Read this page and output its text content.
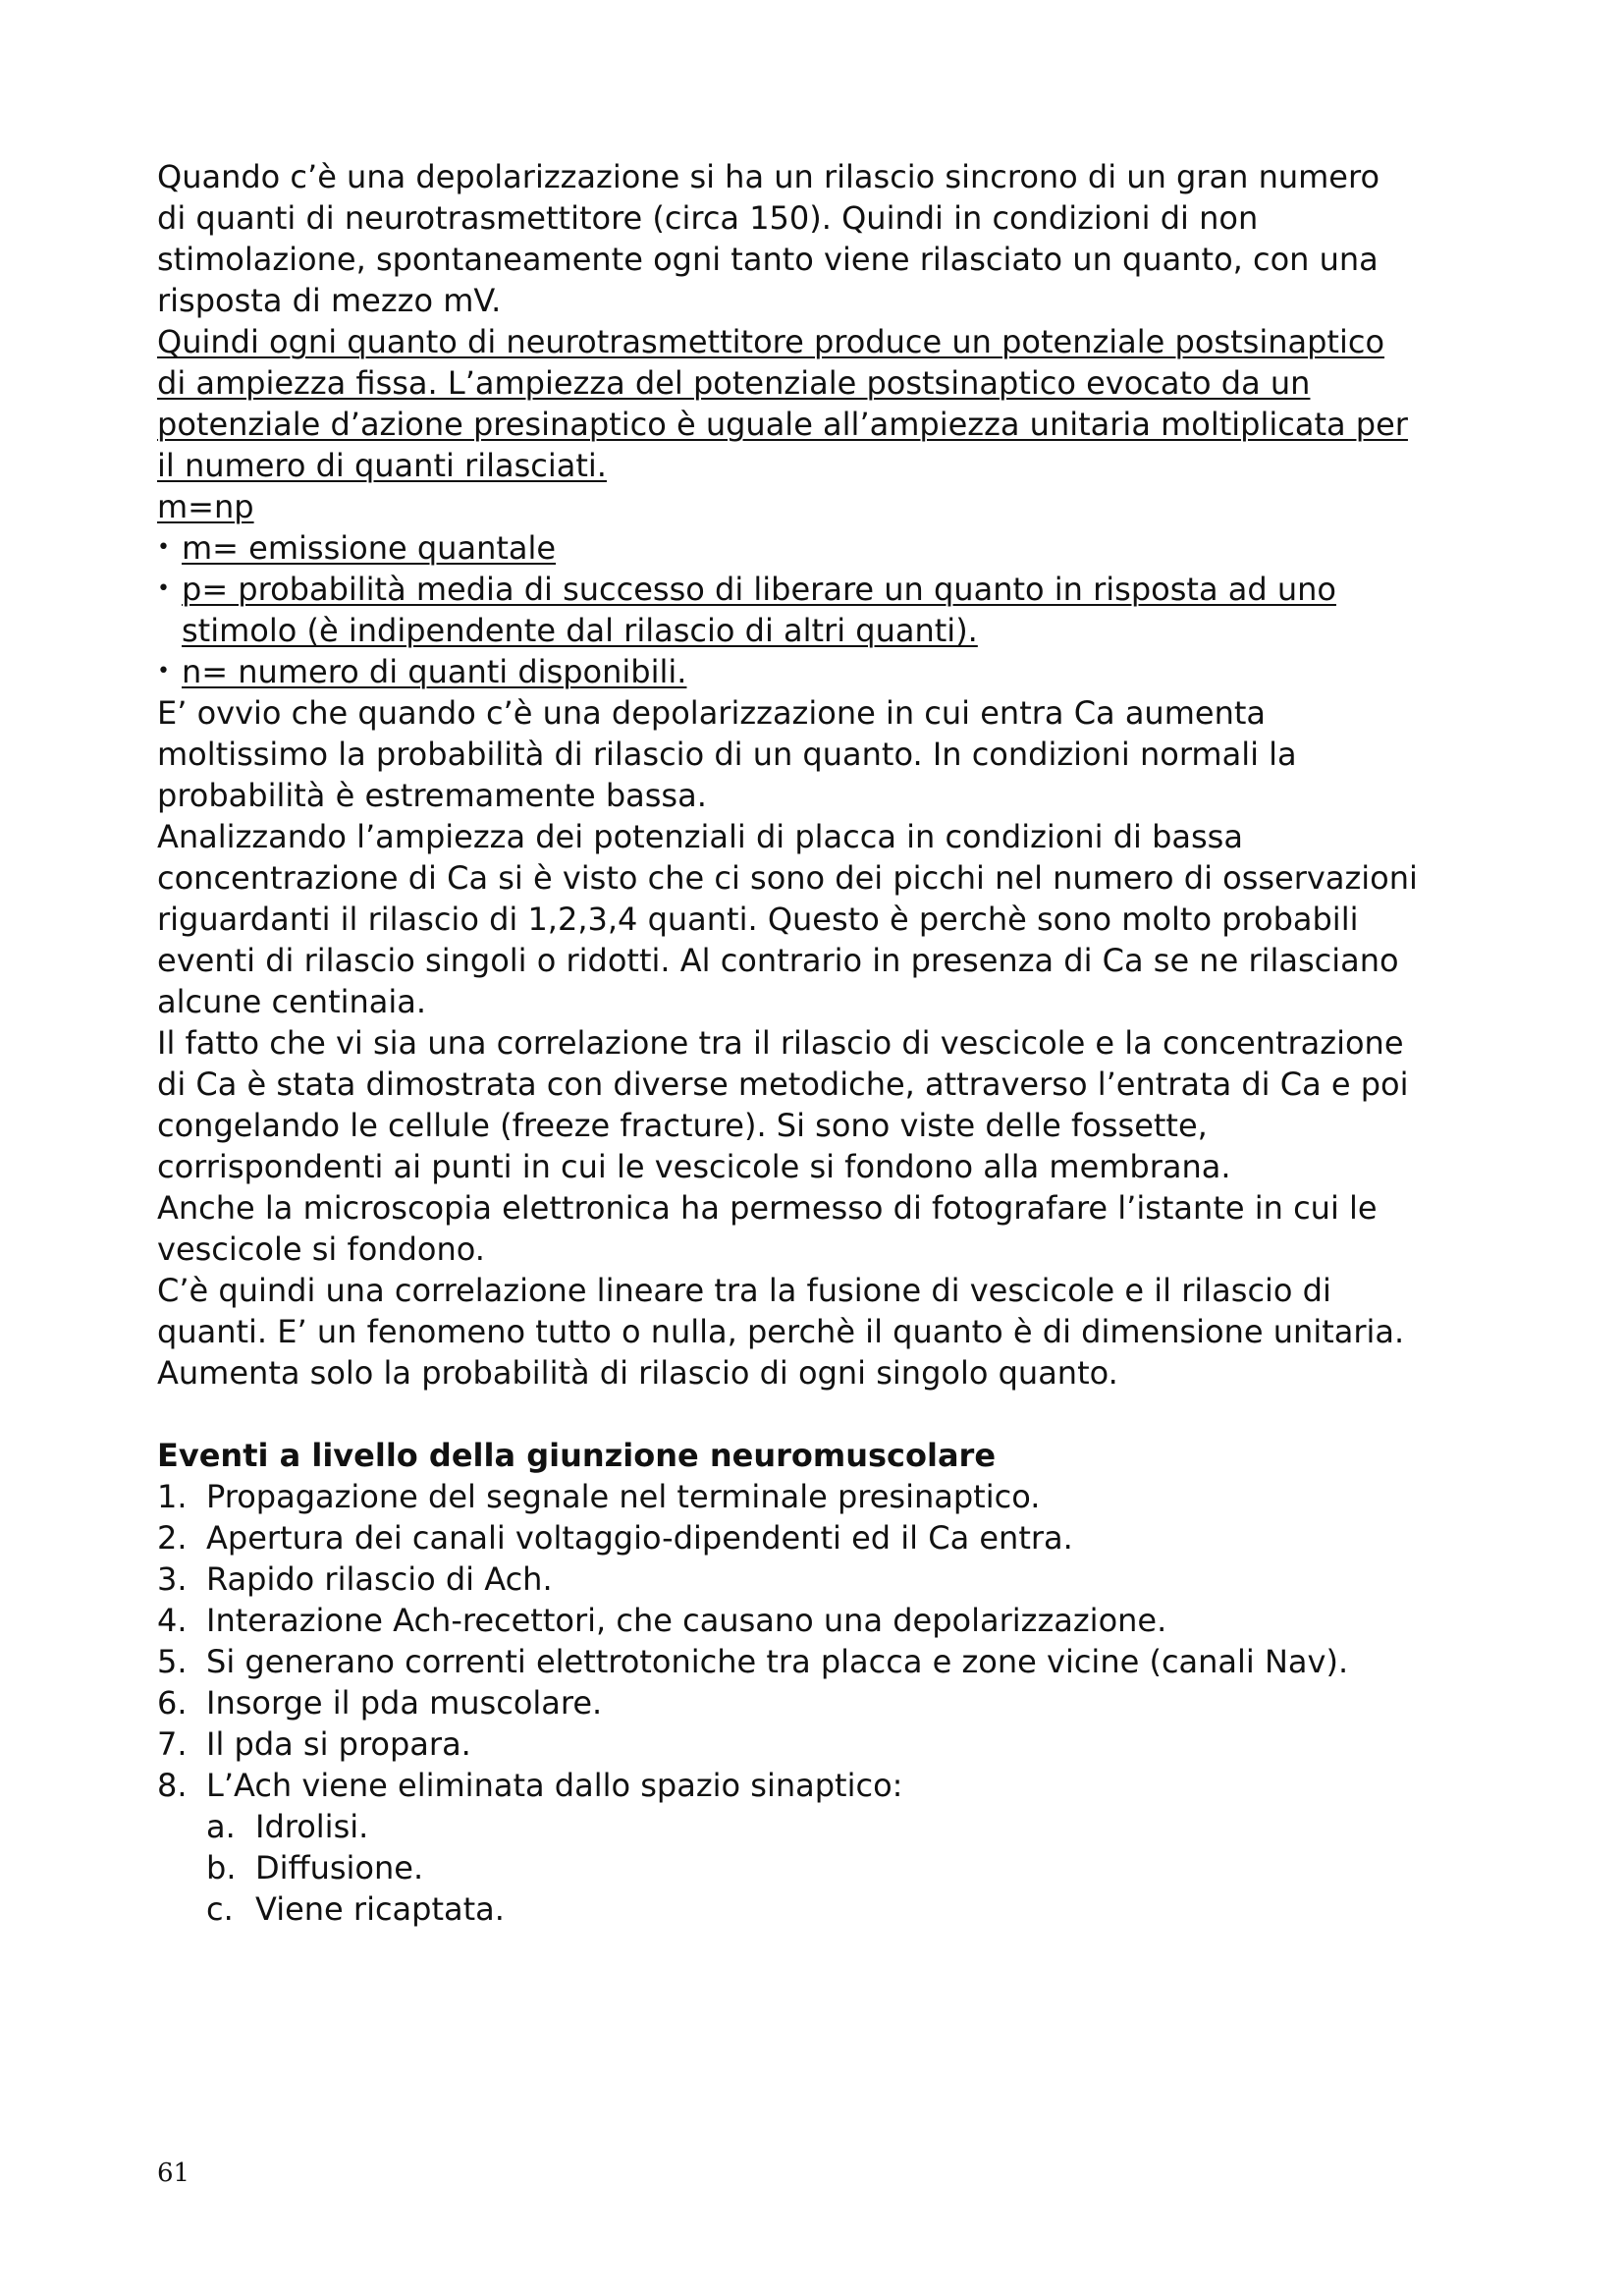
Quando c’è una depolarizzazione si ha un rilascio sincrono di un gran numero
di quanti di neurotrasmettitore (circa 150). Quindi in condizioni di non
stimolazione, spontaneamente ogni tanto viene rilasciato un quanto, con una
risposta di mezzo mV.
Quindi ogni quanto di neurotrasmettitore produce un potenziale postsinaptico
di ampiezza fissa. L’ampiezza del potenziale postsinaptico evocato da un
potenziale d’azione presinaptico è uguale all’ampiezza unitaria moltiplicata per
il numero di quanti rilasciati.
m=np
• m= emissione quantale
• p= probabilità media di successo di liberare un quanto in risposta ad uno
stimolo (è indipendente dal rilascio di altri quanti).
• n= numero di quanti disponibili.
E’ ovvio che quando c’è una depolarizzazione in cui entra Ca aumenta
moltissimo la probabilità di rilascio di un quanto. In condizioni normali la
probabilità è estremamente bassa.
Analizzando l’ampiezza dei potenziali di placca in condizioni di bassa
concentrazione di Ca si è visto che ci sono dei picchi nel numero di osservazioni
riguardanti il rilascio di 1,2,3,4 quanti. Questo è perchè sono molto probabili
eventi di rilascio singoli o ridotti. Al contrario in presenza di Ca se ne rilasciano
alcune centinaia.
Il fatto che vi sia una correlazione tra il rilascio di vescicole e la concentrazione
di Ca è stata dimostrata con diverse metodiche, attraverso l’entrata di Ca e poi
congelando le cellule (freeze fracture). Si sono viste delle fossette,
corrispondenti ai punti in cui le vescicole si fondono alla membrana.
Anche la microscopia elettronica ha permesso di fotografare l’istante in cui le
vescicole si fondono.
C’è quindi una correlazione lineare tra la fusione di vescicole e il rilascio di
quanti. E’ un fenomeno tutto o nulla, perchè il quanto è di dimensione unitaria.
Aumenta solo la probabilità di rilascio di ogni singolo quanto.
Eventi a livello della giunzione neuromuscolare
1. Propagazione del segnale nel terminale presinaptico.
2. Apertura dei canali voltaggio-dipendenti ed il Ca entra.
3. Rapido rilascio di Ach.
4. Interazione Ach-recettori, che causano una depolarizzazione.
5. Si generano correnti elettrotoniche tra placca e zone vicine (canali Nav).
6. Insorge il pda muscolare.
7. Il pda si propara.
8. L’Ach viene eliminata dallo spazio sinaptico:
a. Idrolisi.
b. Diffusione.
c. Viene ricaptata.
61
